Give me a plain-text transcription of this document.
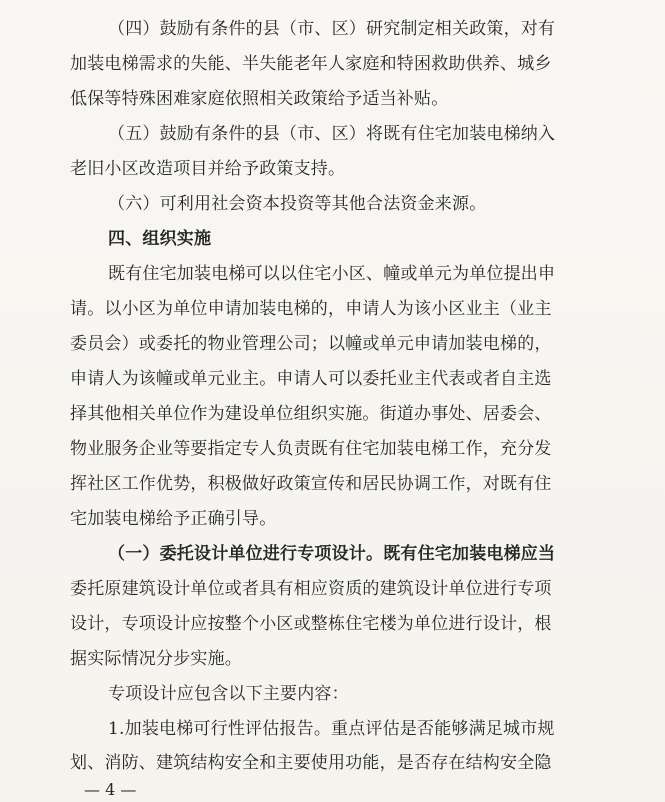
（四）鼓励有条件的县（市、区）研究制定相关政策，对有
加装电梯需求的失能、半失能老年人家庭和特困救助供养、城乡
低保等特殊困难家庭依照相关政策给予适当补贴。
（五）鼓励有条件的县（市、区）将既有住宅加装电梯纳入
老旧小区改造项目并给予政策支持。
（六）可利用社会资本投资等其他合法资金来源。
四、组织实施
既有住宅加装电梯可以以住宅小区、幢或单元为单位提出申
请。以小区为单位申请加装电梯的，申请人为该小区业主（业主
委员会）或委托的物业管理公司；以幢或单元申请加装电梯的，
申请人为该幢或单元业主。申请人可以委托业主代表或者自主选
择其他相关单位作为建设单位组织实施。街道办事处、居委会、
物业服务企业等要指定专人负责既有住宅加装电梯工作，充分发
挥社区工作优势，积极做好政策宣传和居民协调工作，对既有住
宅加装电梯给予正确引导。
（一）委托设计单位进行专项设计。既有住宅加装电梯应当
委托原建筑设计单位或者具有相应资质的建筑设计单位进行专项
设计，专项设计应按整个小区或整栋住宅楼为单位进行设计，根
据实际情况分步实施。
专项设计应包含以下主要内容：
1.加装电梯可行性评估报告。重点评估是否能够满足城市规
划、消防、建筑结构安全和主要使用功能，是否存在结构安全隐
— 4 —
